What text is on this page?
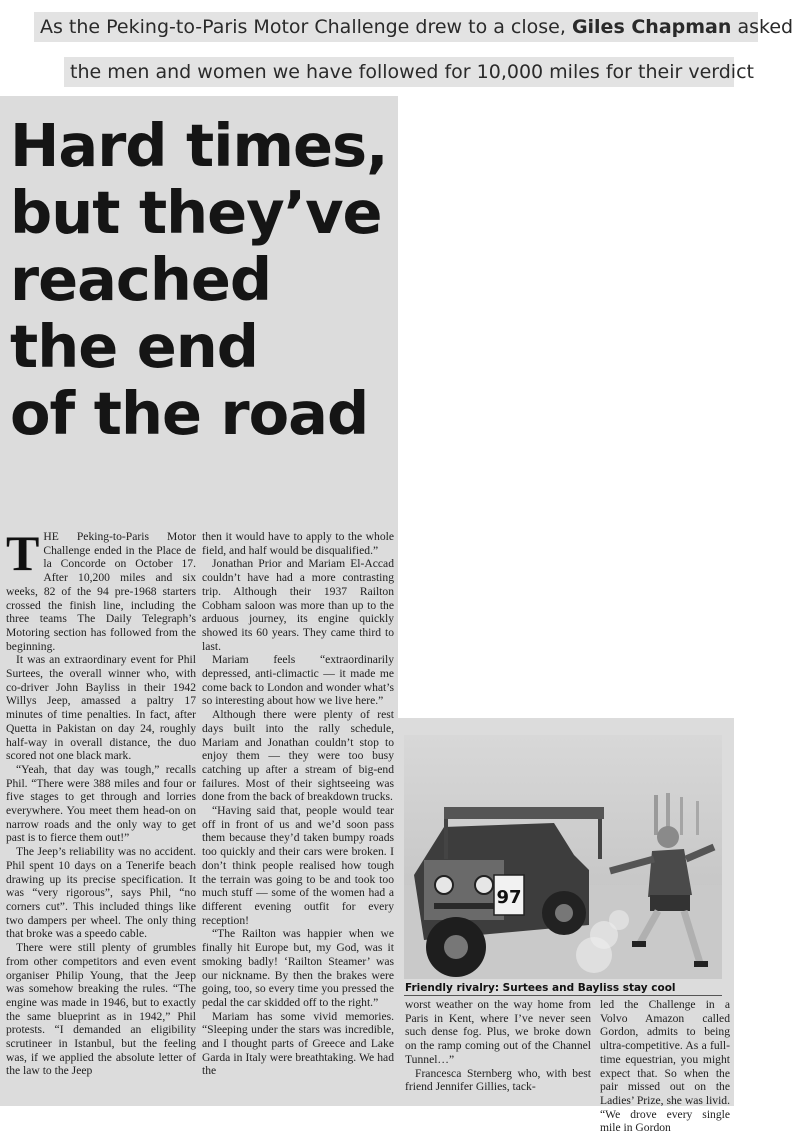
As the Peking-to-Paris Motor Challenge drew to a close, Giles Chapman asked
the men and women we have followed for 10,000 miles for their verdict
Hard times,
but they’ve
reached
the end
of the road

THE Peking-to-Paris Motor Challenge ended in the Place de la Concorde on October 17. After 10,200 miles and six weeks, 82 of the 94 pre-1968 starters crossed the finish line, including the three teams The Daily Telegraph’s Motoring section has followed from the beginning.

It was an extraordinary event for Phil Surtees, the overall winner who, with co-driver John Bayliss in their 1942 Willys Jeep, amassed a paltry 17 minutes of time penalties. In fact, after Quetta in Pakistan on day 24, roughly half-way in overall distance, the duo scored not one black mark.

“Yeah, that day was tough,” recalls Phil. “There were 388 miles and four or five stages to get through and lorries everywhere. You meet them head-on on narrow roads and the only way to get past is to fierce them out!”

The Jeep’s reliability was no accident. Phil spent 10 days on a Tenerife beach drawing up its precise specification. It was “very rigorous”, says Phil, “no corners cut”. This included things like two dampers per wheel. The only thing that broke was a speedo cable.

There were still plenty of grumbles from other competitors and even event organiser Philip Young, that the Jeep was somehow breaking the rules. “The engine was made in 1946, but to exactly the same blueprint as in 1942,” Phil protests. “I demanded an eligibility scrutineer in Istanbul, but the feeling was, if we applied the absolute letter of the law to the Jeep

then it would have to apply to the whole field, and half would be disqualified.”

Jonathan Prior and Mariam El-Accad couldn’t have had a more contrasting trip. Although their 1937 Railton Cobham saloon was more than up to the arduous journey, its engine quickly showed its 60 years. They came third to last.

Mariam feels “extraordinarily depressed, anti-climactic — it made me come back to London and wonder what’s so interesting about how we live here.”

Although there were plenty of rest days built into the rally schedule, Mariam and Jonathan couldn’t stop to enjoy them — they were too busy catching up after a stream of big-end failures. Most of their sightseeing was done from the back of breakdown trucks.

“Having said that, people would tear off in front of us and we’d soon pass them because they’d taken bumpy roads too quickly and their cars were broken. I don’t think people realised how tough the terrain was going to be and took too much stuff — some of the women had a different evening outfit for every reception!

“The Railton was happier when we finally hit Europe but, my God, was it smoking badly! ‘Railton Steamer’ was our nickname. By then the brakes were going, too, so every time you pressed the pedal the car skidded off to the right.”

Mariam has some vivid memories. “Sleeping under the stars was incredible, and I thought parts of Greece and Lake Garda in Italy were breathtaking. We had the

97
Friendly rivalry: Surtees and Bayliss stay cool

worst weather on the way home from Paris in Kent, where I’ve never seen such dense fog. Plus, we broke down on the ramp coming out of the Channel Tunnel…”

Francesca Sternberg who, with best friend Jennifer Gillies, tack-

led the Challenge in a Volvo Amazon called Gordon, admits to being ultra-competitive. As a full-time equestrian, you might expect that. So when the pair missed out on the Ladies’ Prize, she was livid. “We drove every single mile in Gordon
